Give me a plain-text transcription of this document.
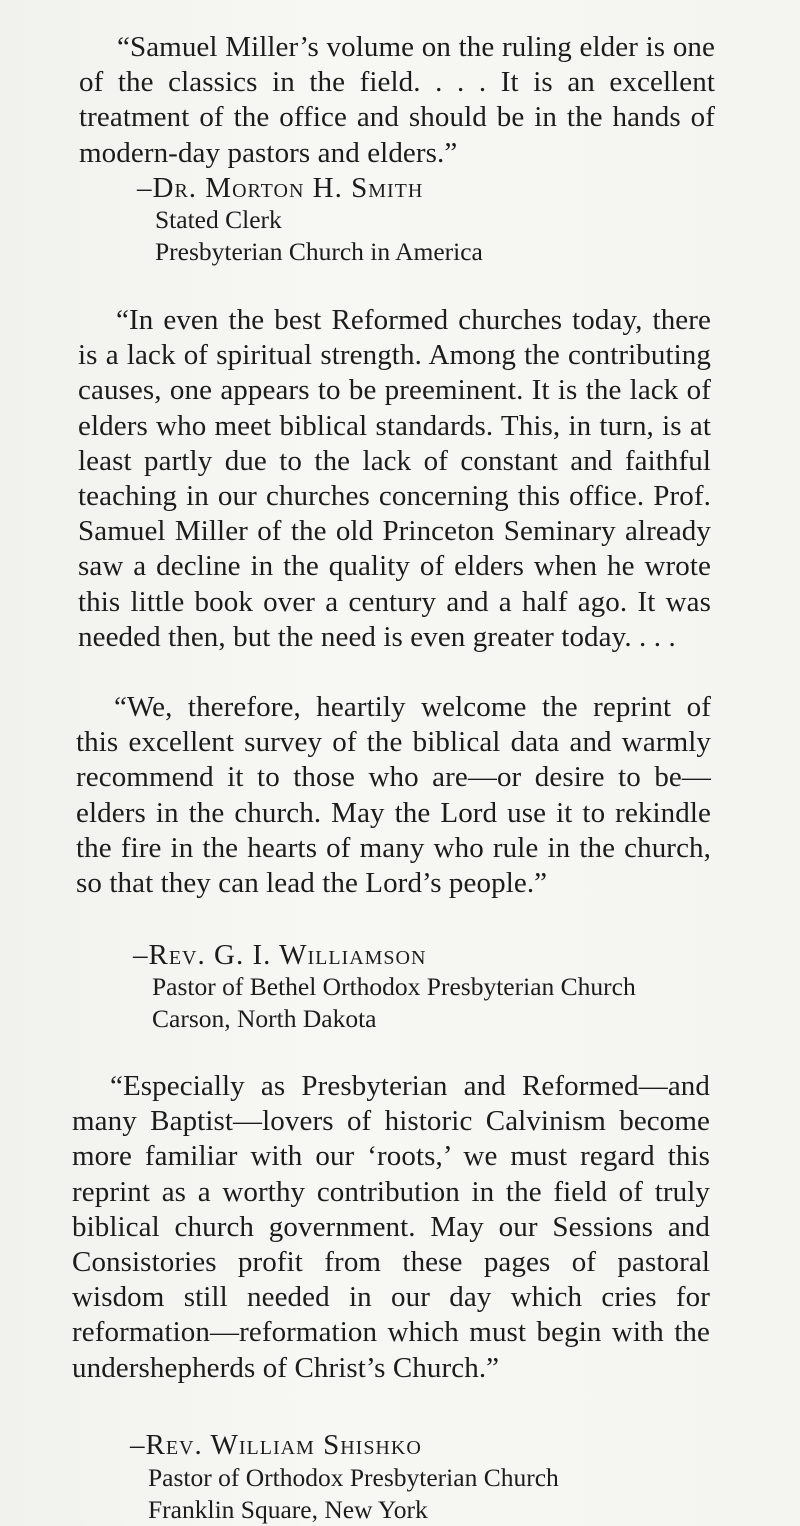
“Samuel Miller’s volume on the ruling elder is one of the classics in the field. . . . It is an excellent treatment of the office and should be in the hands of modern-day pastors and elders.”

–Dr. Morton H. Smith

Stated Clerk

Presbyterian Church in America

“In even the best Reformed churches today, there is a lack of spiritual strength. Among the contributing causes, one appears to be preeminent. It is the lack of elders who meet biblical standards. This, in turn, is at least partly due to the lack of constant and faithful teaching in our churches concerning this office. Prof. Samuel Miller of the old Princeton Seminary already saw a decline in the quality of elders when he wrote this little book over a century and a half ago. It was needed then, but the need is even greater today. . . .

“We, therefore, heartily welcome the reprint of this excellent survey of the biblical data and warmly recommend it to those who are—or desire to be—elders in the church. May the Lord use it to rekindle the fire in the hearts of many who rule in the church, so that they can lead the Lord’s people.”

–Rev. G. I. Williamson

Pastor of Bethel Orthodox Presbyterian Church

Carson, North Dakota

“Especially as Presbyterian and Reformed—and many Baptist—lovers of historic Calvinism become more familiar with our ‘roots,’ we must regard this reprint as a worthy contribution in the field of truly biblical church government. May our Sessions and Consistories profit from these pages of pastoral wisdom still needed in our day which cries for reformation—reformation which must begin with the undershepherds of Christ’s Church.”

–Rev. William Shishko

Pastor of Orthodox Presbyterian Church

Franklin Square, New York
